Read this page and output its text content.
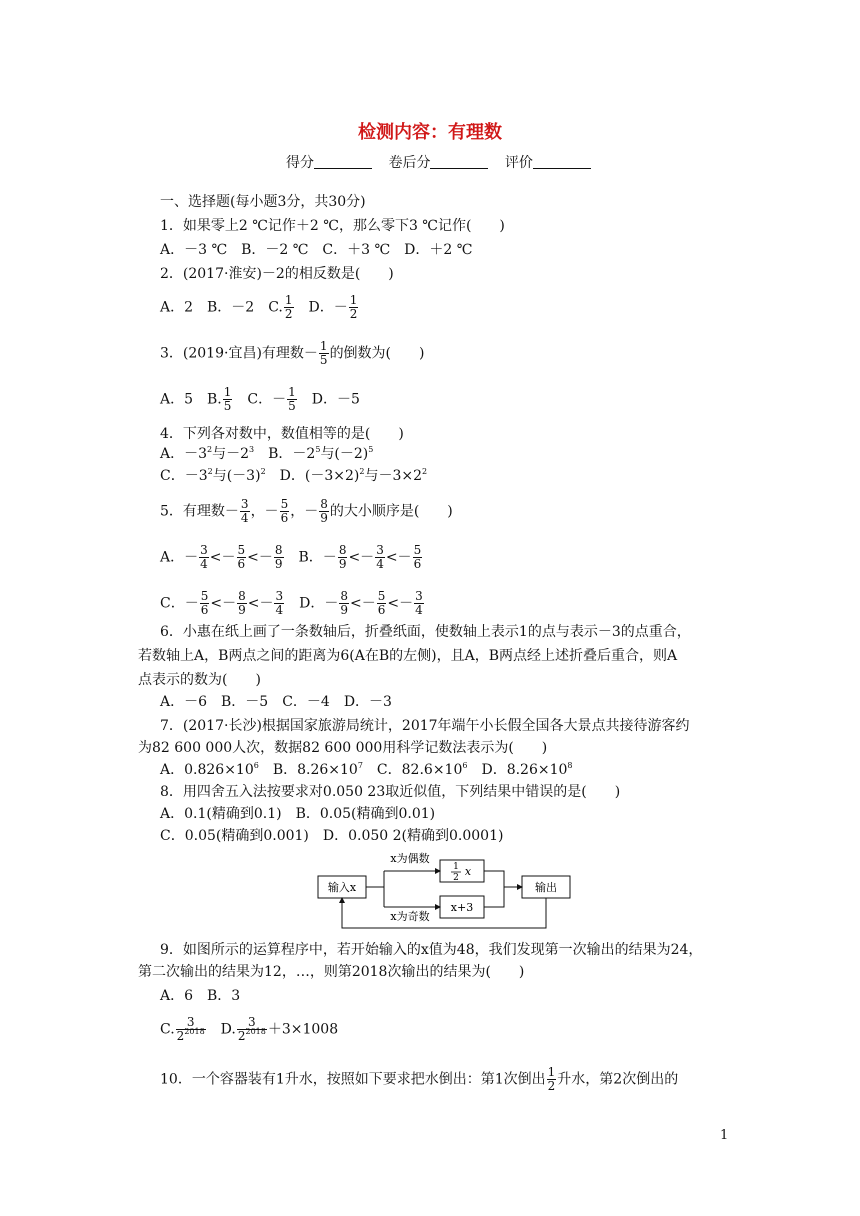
检测内容：有理数
得分	卷后分	评价
一、选择题(每小题3分，共30分)
1．如果零上2 ℃记作＋2 ℃，那么零下3 ℃记作(　　)
A．－3 ℃　B．－2 ℃　C．＋3 ℃　D．＋2 ℃
2．(2017·淮安)－2的相反数是(　　)
A．2　B．－2　C. $\frac{1}{2}$ 　D．－ $\frac{1}{2}$
3．(2019·宜昌)有理数－ $\frac{1}{5}$ 的倒数为(　　)
A．5　B. $\frac{1}{5}$ 　C．－ $\frac{1}{5}$ 　D．－5
4．下列各对数中，数值相等的是(　　)
A．$-3^2$与$-2^3$　B．$-2^5$与$(-2)^5$
C．$-3^2$与$(-3)^2$　D．$(-3\times 2)^2$与$-3\times 2^2$
5．有理数－ $\frac{3}{4}$ ，－ $\frac{5}{6}$ ，－ $\frac{8}{9}$ 的大小顺序是(　　)
A．－ $\frac{3}{4} <- \frac{5}{6} <- \frac{8}{9}$ 　B．－ $\frac{8}{9} <- \frac{3}{4} <- \frac{5}{6}$
C．－ $\frac{5}{6} <- \frac{8}{9} <- \frac{3}{4}$ 　D．－ $\frac{8}{9} <- \frac{5}{6} <- \frac{3}{4}$
6．小惠在纸上画了一条数轴后，折叠纸面，使数轴上表示1的点与表示－3的点重合，
若数轴上A，B两点之间的距离为6(A在B的左侧)，且A，B两点经上述折叠后重合，则A
点表示的数为(　　)
A．－6　B．－5　C．－4　D．－3
7．(2017·长沙)根据国家旅游局统计，2017年端午小长假全国各大景点共接待游客约
为82 600 000人次，数据82 600 000用科学记数法表示为(　　)
A．$0.826\times 10^6$　B．$8.26\times 10^7$　C．$82.6\times 10^6$　D．$8.26\times 10^8$
8．用四舍五入法按要求对0.050 23取近似值，下列结果中错误的是(　　)
A．0.1(精确到0.1)　B．0.05(精确到0.01)
C．0.05(精确到0.001)　D．0.050 2(精确到0.0001)
输入x
x为偶数
x为奇数
1
2 x
x+3
输出
9．如图所示的运算程序中，若开始输入的x值为48，我们发现第一次输出的结果为24，
第二次输出的结果为12，…，则第2018次输出的结果为(　　)
A．6　B．3
C. $\frac{3}{2^{2018}}$ 　D. $\frac{3}{2^{2018}} +3\times 1008$
10．一个容器装有1升水，按照如下要求把水倒出：第1次倒出 $\frac{1}{2}$ 升水，第2次倒出的
1
